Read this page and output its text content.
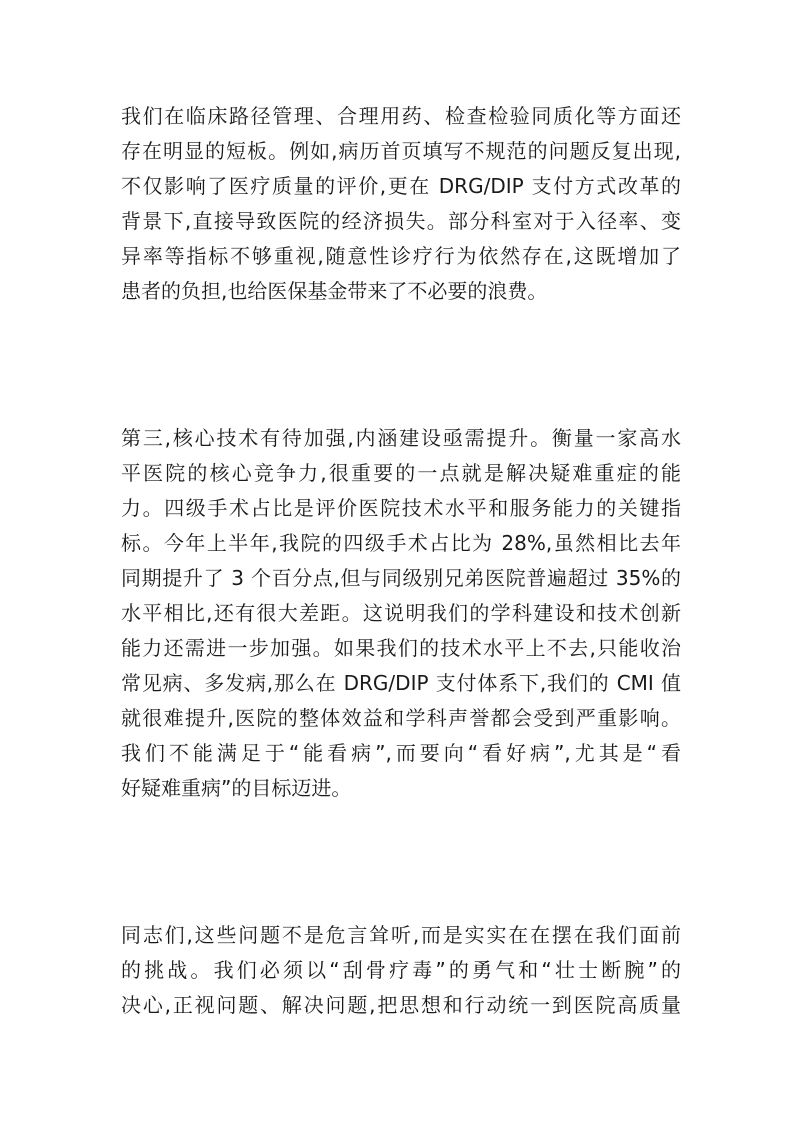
我们在临床路径管理、合理用药、检查检验同质化等方面还
存在明显的短板。例如,病历首页填写不规范的问题反复出现,
不仅影响了医疗质量的评价,更在 DRG/DIP 支付方式改革的
背景下,直接导致医院的经济损失。部分科室对于入径率、变
异率等指标不够重视,随意性诊疗行为依然存在,这既增加了
患者的负担,也给医保基金带来了不必要的浪费。
第三,核心技术有待加强,内涵建设亟需提升。衡量一家高水
平医院的核心竞争力,很重要的一点就是解决疑难重症的能
力。四级手术占比是评价医院技术水平和服务能力的关键指
标。今年上半年,我院的四级手术占比为 28%,虽然相比去年
同期提升了 3 个百分点,但与同级别兄弟医院普遍超过 35%的
水平相比,还有很大差距。这说明我们的学科建设和技术创新
能力还需进一步加强。如果我们的技术水平上不去,只能收治
常见病、多发病,那么在 DRG/DIP 支付体系下,我们的 CMI 值
就很难提升,医院的整体效益和学科声誉都会受到严重影响。
我们不能满足于“能看病”,而要向“看好病”,尤其是“看
好疑难重病”的目标迈进。
同志们,这些问题不是危言耸听,而是实实在在摆在我们面前
的挑战。我们必须以“刮骨疗毒”的勇气和“壮士断腕”的
决心,正视问题、解决问题,把思想和行动统一到医院高质量
